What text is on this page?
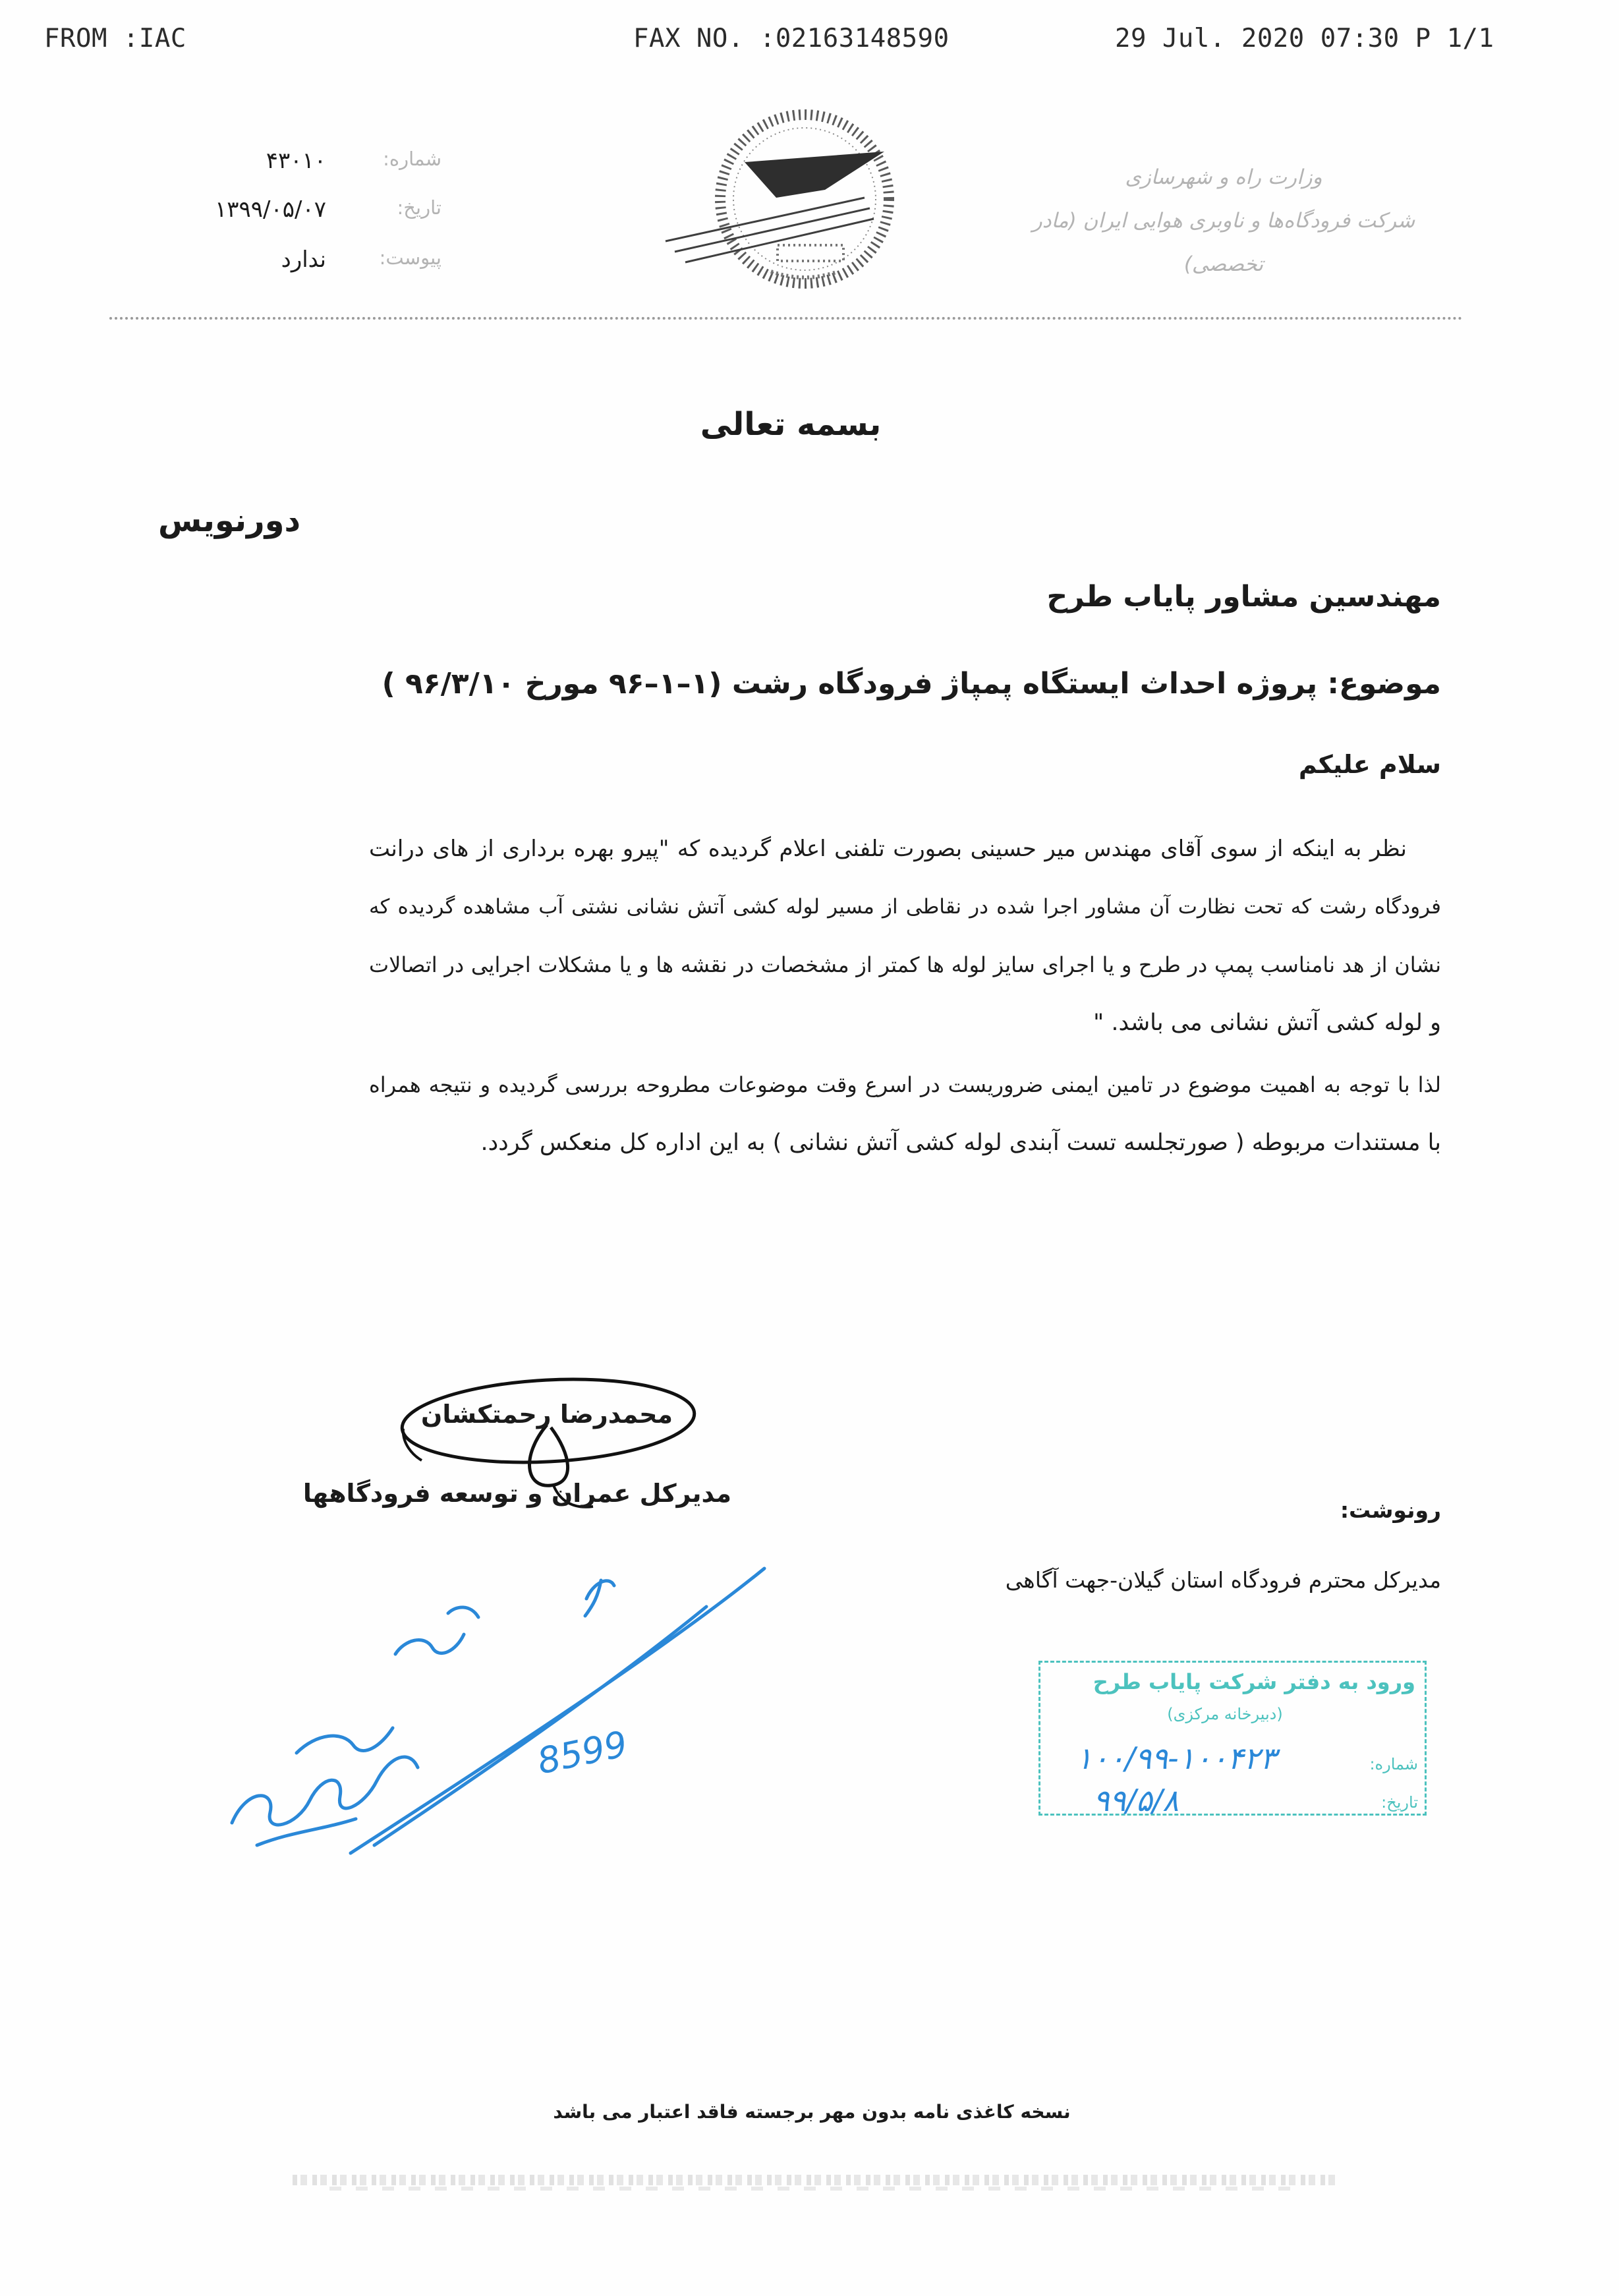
FROM :IAC	FAX NO. :02163148590	29 Jul. 2020 07:30 P 1/1
وزارت راه و شهرسازی
شرکت فرودگاه‌ها و ناوبری هوایی ایران (مادر تخصصی)
شماره:
۴۳۰۱۰
تاریخ:
۱۳۹۹/۰۵/۰۷
پیوست:
ندارد
بسمه تعالی
دورنویس
مهندسین مشاور پایاب طرح
موضوع: پروژه احداث ایستگاه پمپاژ فرودگاه رشت (۱–۱–۹۶ مورخ ۹۶/۳/۱۰ )
سلام علیکم
نظر به اینکه از سوی آقای مهندس میر حسینی بصورت تلفنی اعلام گردیده که "پیرو بهره برداری از های درانت
فرودگاه رشت که تحت نظارت آن مشاور اجرا شده در نقاطی از مسیر لوله کشی آتش نشانی نشتی آب مشاهده گردیده که
نشان از هد نامناسب پمپ در طرح و یا اجرای سایز لوله ها کمتر از مشخصات در نقشه ها و یا مشکلات اجرایی در اتصالات
و لوله کشی آتش نشانی می باشد. "
لذا با توجه به اهمیت موضوع در تامین ایمنی ضروریست در اسرع وقت موضوعات مطروحه بررسی گردیده و نتیجه همراه
با مستندات مربوطه ( صورتجلسه تست آبندی لوله کشی آتش نشانی ) به این اداره کل منعکس گردد.
محمدرضا رحمتکشان
مدیرکل عمران و توسعه فرودگاهها
رونوشت:
مدیرکل محترم فرودگاه استان گیلان-جهت آگاهی
8599
ورود به دفتر شرکت پایاب طرح
(دبیرخانه مرکزی)
شماره:
تاریخ:
۱۰۰/۹۹-۱۰۰۴۲۳
۹۹/۵/۸
نسخه کاغذی نامه بدون مهر برجسته فاقد اعتبار می باشد
